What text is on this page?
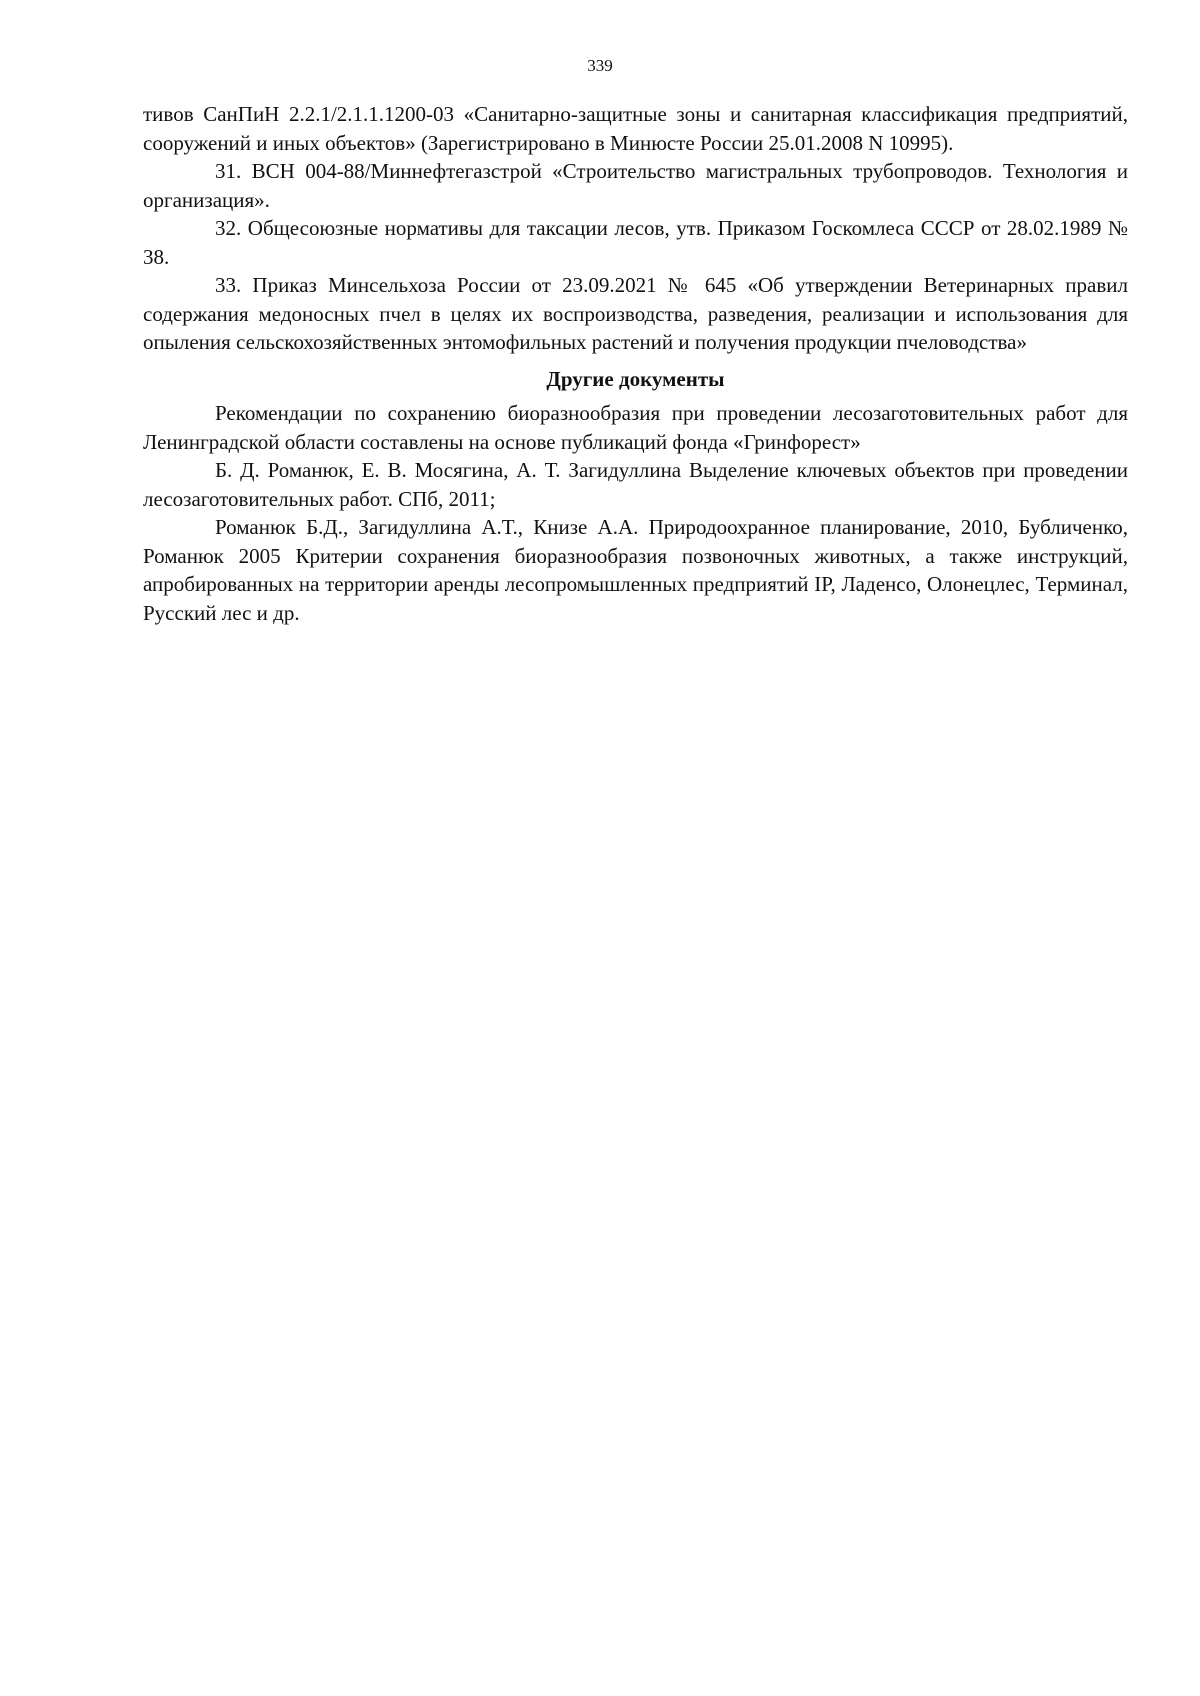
339

тивов СанПиН 2.2.1/2.1.1.1200-03 «Санитарно-защитные зоны и санитарная классификация предприятий, сооружений и иных объектов» (Зарегистрировано в Минюсте России 25.01.2008 N 10995).

31. ВСН 004-88/Миннефтегазстрой «Строительство магистральных трубопроводов. Технология и организация».

32. Общесоюзные нормативы для таксации лесов, утв. Приказом Госкомлеса СССР от 28.02.1989 № 38.

33. Приказ Минсельхоза России от 23.09.2021 № 645 «Об утверждении Ветеринарных правил содержания медоносных пчел в целях их воспроизводства, разведения, реализации и использования для опыления сельскохозяйственных энтомофильных растений и получения продукции пчеловодства»

Другие документы

Рекомендации по сохранению биоразнообразия при проведении лесозаготовительных работ для Ленинградской области составлены на основе публикаций фонда «Гринфорест»

Б. Д. Романюк, Е. В. Мосягина, А. Т. Загидуллина Выделение ключевых объектов при проведении лесозаготовительных работ. СПб, 2011;

Романюк Б.Д., Загидуллина А.Т., Книзе А.А. Природоохранное планирование, 2010, Бубличенко, Романюк 2005 Критерии сохранения биоразнообразия позвоночных животных, а также инструкций, апробированных на территории аренды лесопромышленных предприятий IP, Ладенсо, Олонецлес, Терминал, Русский лес и др.
